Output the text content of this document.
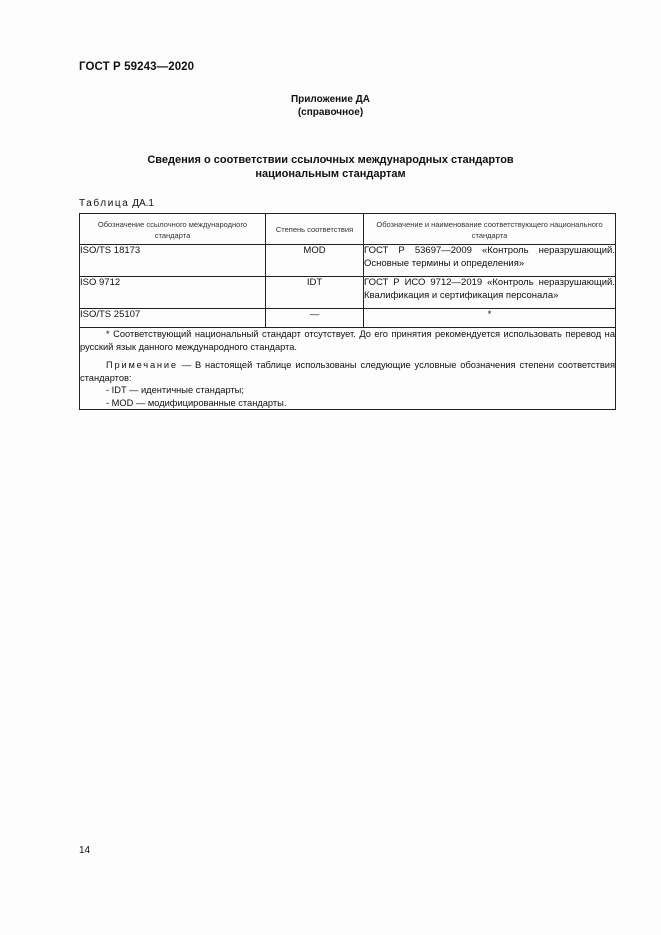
ГОСТ Р 59243—2020
Приложение ДА
(справочное)
Сведения о соответствии ссылочных международных стандартов
национальным стандартам
Таблица ДА.1
Обозначение ссылочного международного стандарта	Степень соответствия	Обозначение и наименование соответствующего национального стандарта
ISO/TS 18173	MOD	ГОСТ Р 53697—2009 «Контроль неразрушающий. Основные термины и определения»
ISO 9712	IDT	ГОСТ Р ИСО 9712—2019 «Контроль неразрушающий. Квалификация и сертификация персонала»
ISO/TS 25107	—	*

* Соответствующий национальный стандарт отсутствует. До его принятия рекомендуется использовать перевод на русский язык данного международного стандарта.

Примечание — В настоящей таблице использованы следующие условные обозначения степени соответствия стандартов:

- IDT — идентичные стандарты;
- MOD — модифицированные стандарты.		
14
